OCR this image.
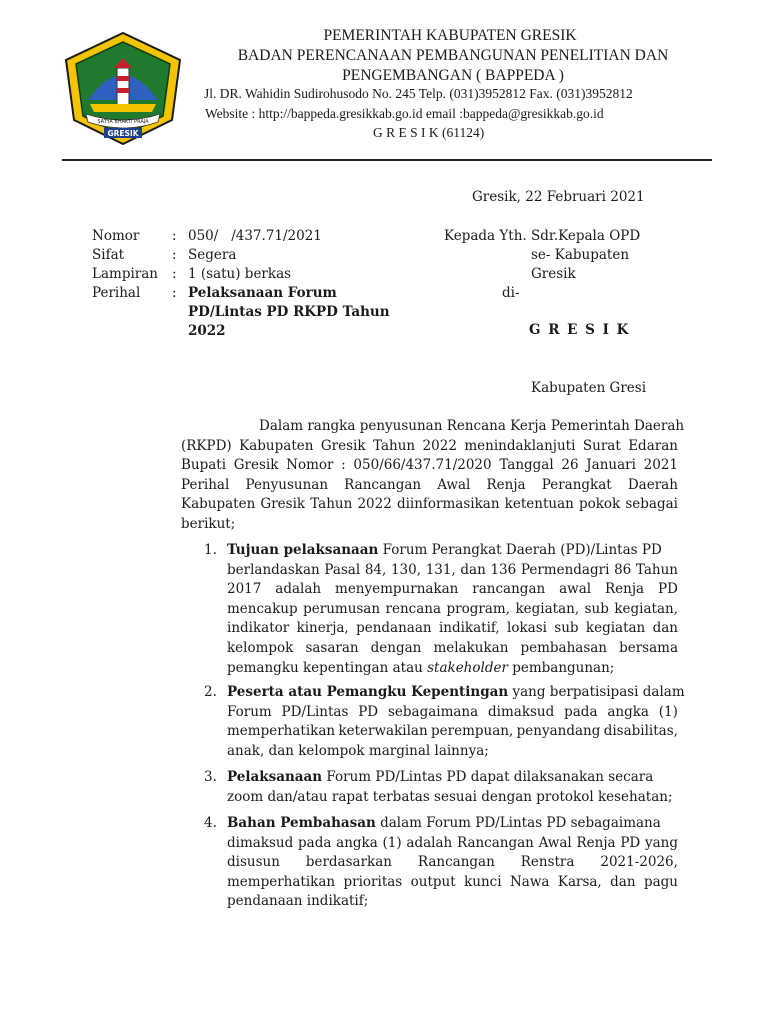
SATYA BHAKTI PRAJA
GRESIK
PEMERINTAH KABUPATEN GRESIK
BADAN PERENCANAAN PEMBANGUNAN PENELITIAN DAN
PENGEMBANGAN ( BAPPEDA )
Jl. DR. Wahidin Sudirohusodo No. 245 Telp. (031)3952812 Fax. (031)3952812
Website : http://bappeda.gresikkab.go.id email :bappeda@gresikkab.go.id
G R E S I K (61124)
Gresik, 22 Februari 2021
Nomor : 050/   /437.71/2021
Sifat	: Segera
Lampiran : 1 (satu) berkas
Perihal : Pelaksanaan Forum
PD/Lintas PD RKPD Tahun
2022
Kepada Yth. Sdr.Kepala OPD
se- Kabupaten
Gresik
di-
G R E S I K
Kabupaten Gresi
Dalam rangka penyusunan Rencana Kerja Pemerintah Daerah
(RKPD) Kabupaten Gresik Tahun 2022 menindaklanjuti Surat Edaran
Bupati Gresik Nomor : 050/66/437.71/2020 Tanggal 26 Januari 2021
Perihal Penyusunan Rancangan Awal Renja Perangkat Daerah
Kabupaten Gresik Tahun 2022 diinformasikan ketentuan pokok sebagai
berikut;
1. Tujuan pelaksanaan Forum Perangkat Daerah (PD)/Lintas PD
berlandaskan Pasal 84, 130, 131, dan 136 Permendagri 86 Tahun
2017 adalah menyempurnakan rancangan awal Renja PD
mencakup perumusan rencana program, kegiatan, sub kegiatan,
indikator kinerja, pendanaan indikatif, lokasi sub kegiatan dan
kelompok sasaran dengan melakukan pembahasan bersama
pemangku kepentingan atau stakeholder pembangunan;
2. Peserta atau Pemangku Kepentingan yang berpatisipasi dalam
Forum PD/Lintas PD sebagaimana dimaksud pada angka (1)
memperhatikan keterwakilan perempuan, penyandang disabilitas,
anak, dan kelompok marginal lainnya;
3. Pelaksanaan Forum PD/Lintas PD dapat dilaksanakan secara
zoom dan/atau rapat terbatas sesuai dengan protokol kesehatan;
4. Bahan Pembahasan dalam Forum PD/Lintas PD sebagaimana
dimaksud pada angka (1) adalah Rancangan Awal Renja PD yang
disusun berdasarkan Rancangan Renstra 2021-2026,
memperhatikan prioritas output kunci Nawa Karsa, dan pagu
pendanaan indikatif;
